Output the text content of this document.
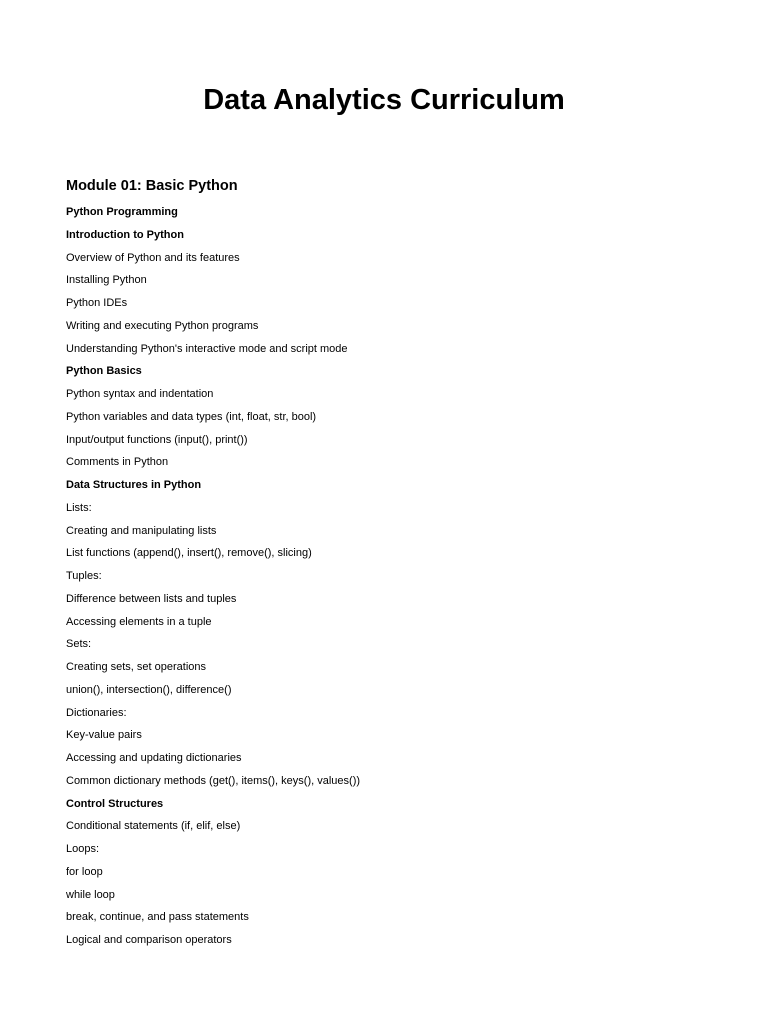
Data Analytics Curriculum
Module 01: Basic Python
Python Programming
Introduction to Python
Overview of Python and its features
Installing Python
Python IDEs
Writing and executing Python programs
Understanding Python's interactive mode and script mode
Python Basics
Python syntax and indentation
Python variables and data types (int, float, str, bool)
Input/output functions (input(), print())
Comments in Python
Data Structures in Python
Lists:
Creating and manipulating lists
List functions (append(), insert(), remove(), slicing)
Tuples:
Difference between lists and tuples
Accessing elements in a tuple
Sets:
Creating sets, set operations
union(), intersection(), difference()
Dictionaries:
Key-value pairs
Accessing and updating dictionaries
Common dictionary methods (get(), items(), keys(), values())
Control Structures
Conditional statements (if, elif, else)
Loops:
for loop
while loop
break, continue, and pass statements
Logical and comparison operators
